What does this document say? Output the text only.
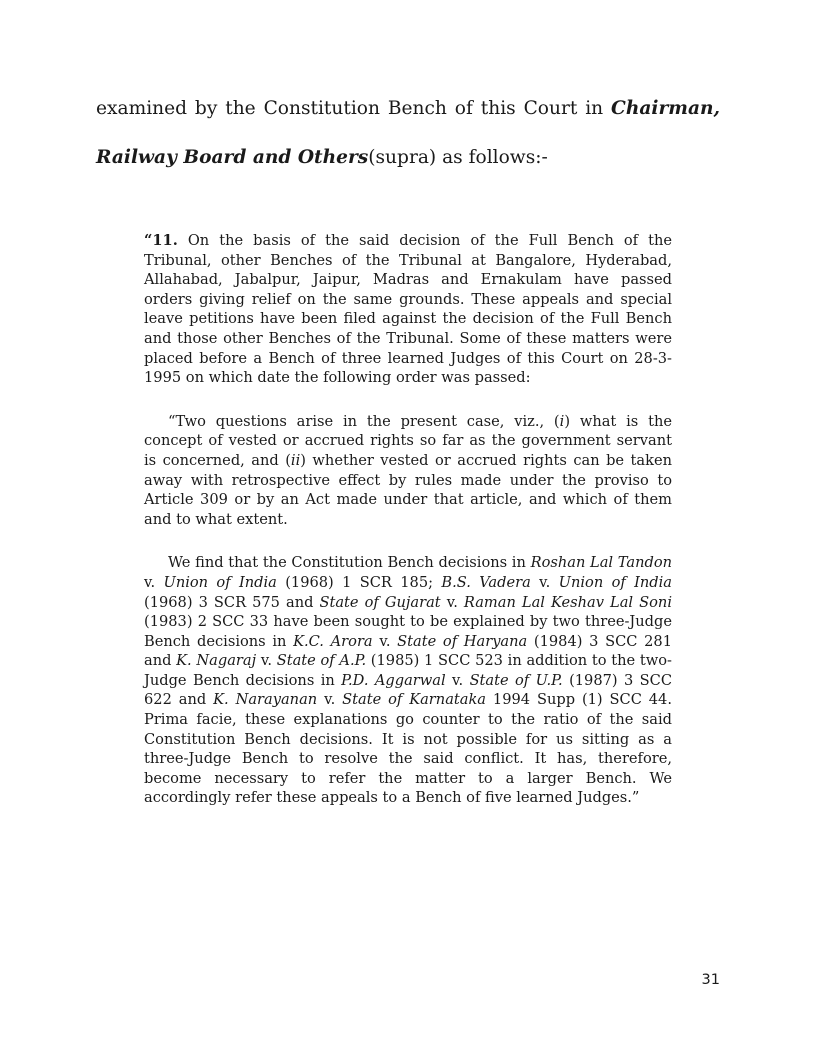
examined by the Constitution Bench of this Court in Chairman,
Railway Board and Others(supra) as follows:-

“11. On the basis of the said decision of the Full Bench of the Tribunal, other Benches of the Tribunal at Bangalore, Hyderabad, Allahabad, Jabalpur, Jaipur, Madras and Ernakulam have passed orders giving relief on the same grounds. These appeals and special leave petitions have been filed against the decision of the Full Bench and those other Benches of the Tribunal. Some of these matters were placed before a Bench of three learned Judges of this Court on 28-3-1995 on which date the following order was passed:

“Two questions arise in the present case, viz., (i) what is the concept of vested or accrued rights so far as the government servant is concerned, and (ii) whether vested or accrued rights can be taken away with retrospective effect by rules made under the proviso to Article 309 or by an Act made under that article, and which of them and to what extent.

We find that the Constitution Bench decisions in Roshan Lal Tandon v. Union of India (1968) 1 SCR 185; B.S. Vadera v. Union of India (1968) 3 SCR 575 and State of Gujarat v. Raman Lal Keshav Lal Soni (1983) 2 SCC 33 have been sought to be explained by two three-Judge Bench decisions in K.C. Arora v. State of Haryana (1984) 3 SCC 281 and K. Nagaraj v. State of A.P. (1985) 1 SCC 523 in addition to the two-Judge Bench decisions in P.D. Aggarwal v. State of U.P. (1987) 3 SCC 622 and K. Narayanan v. State of Karnataka 1994 Supp (1) SCC 44. Prima facie, these explanations go counter to the ratio of the said Constitution Bench decisions. It is not possible for us sitting as a three-Judge Bench to resolve the said conflict. It has, therefore, become necessary to refer the matter to a larger Bench. We accordingly refer these appeals to a Bench of five learned Judges.”

31
